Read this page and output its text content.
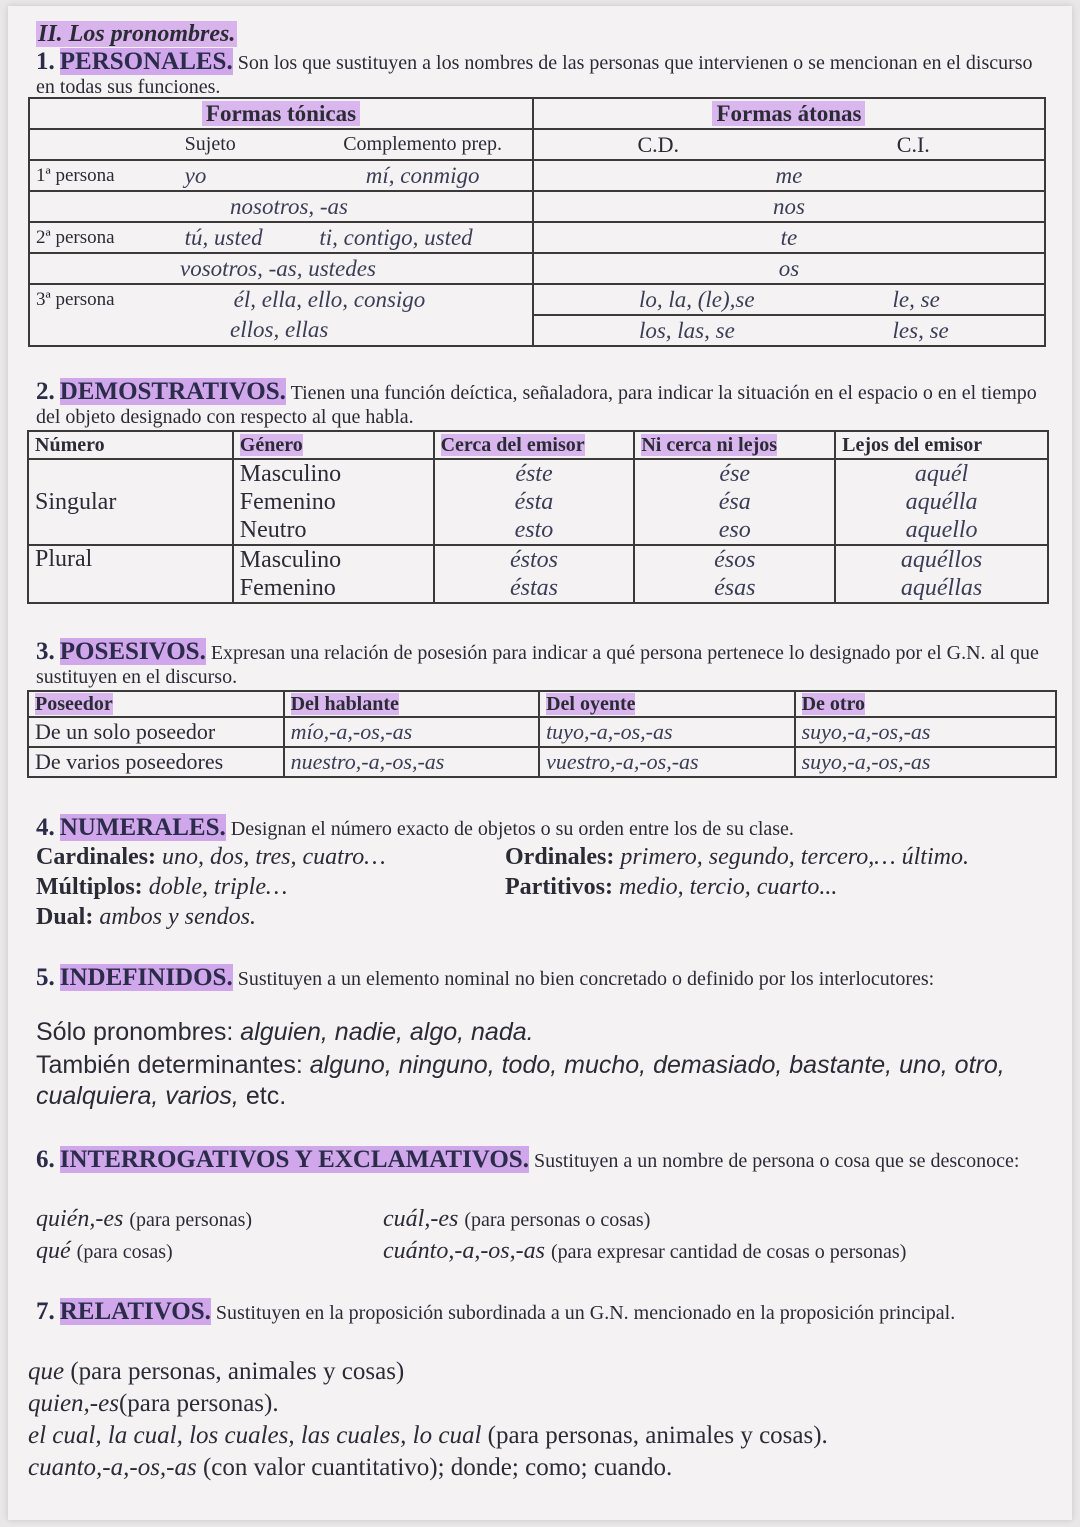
II. Los pronombres.
1. PERSONALES. Son los que sustituyen a los nombres de las personas que intervienen o se mencionan en el discurso en todas sus funciones.
Formas tónicas			Formas átonas	
	Sujeto	Complemento prep.	C.D.	C.I.
1ª persona	yo	mí, conmigo	me	
nosotros, -as			nos	
2ª persona	tú, usted	ti, contigo, usted	te	
vosotros, -as, ustedes			os	
3ª persona	él, ella, ello, consigo		lo, la, (le),se	le, se
ellos, ellas			los, las, se	les, se
2. DEMOSTRATIVOS. Tienen una función deíctica, señaladora, para indicar la situación en el espacio o en el tiempo del objeto designado con respecto al que habla.
Número	Género	Cerca del emisor	Ni cerca ni lejos	Lejos del emisor
Singular	Masculino	éste	ése	aquél
	Femenino	ésta	ésa	aquélla
	Neutro	esto	eso	aquello
Plural	Masculino	éstos	ésos	aquéllos
	Femenino	éstas	ésas	aquéllas
3. POSESIVOS. Expresan una relación de posesión para indicar a qué persona pertenece lo designado por el G.N. al que sustituyen en el discurso.
Poseedor	Del hablante	Del oyente	De otro
De un solo poseedor	mío,-a,-os,-as	tuyo,-a,-os,-as	suyo,-a,-os,-as
De varios poseedores	nuestro,-a,-os,-as	vuestro,-a,-os,-as	suyo,-a,-os,-as
4. NUMERALES. Designan el número exacto de objetos o su orden entre los de su clase.
Cardinales: uno, dos, tres, cuatro…	Ordinales: primero, segundo, tercero,… último.
Múltiplos: doble, triple…	Partitivos: medio, tercio, cuarto...
Dual: ambos y sendos.
5. INDEFINIDOS. Sustituyen a un elemento nominal no bien concretado o definido por los interlocutores:
Sólo pronombres: alguien, nadie, algo, nada.
También determinantes: alguno, ninguno, todo, mucho, demasiado, bastante, uno, otro, cualquiera, varios, etc.
6. INTERROGATIVOS Y EXCLAMATIVOS. Sustituyen a un nombre de persona o cosa que se desconoce:
quién,-es (para personas)	cuál,-es (para personas o cosas)
qué (para cosas)	cuánto,-a,-os,-as (para expresar cantidad de cosas o personas)
7. RELATIVOS. Sustituyen en la proposición subordinada a un G.N. mencionado en la proposición principal.
que (para personas, animales y cosas)
quien,-es(para personas).
el cual, la cual, los cuales, las cuales, lo cual (para personas, animales y cosas).
cuanto,-a,-os,-as (con valor cuantitativo); donde; como; cuando.
